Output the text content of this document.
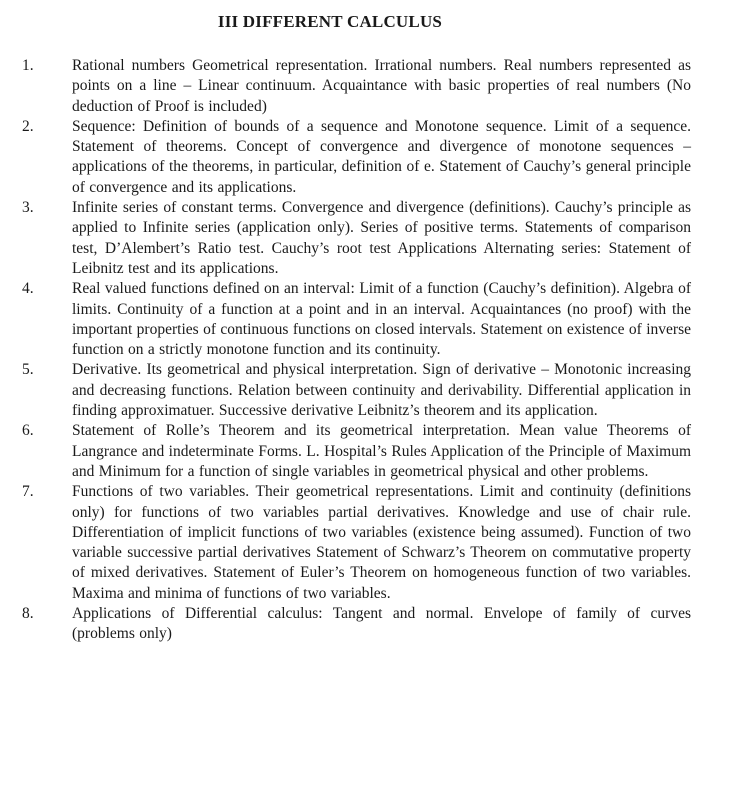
III DIFFERENT CALCULUS
1. Rational numbers Geometrical representation. Irrational numbers. Real numbers represented as points on a line – Linear continuum. Acquaintance with basic properties of real numbers (No deduction of Proof is included)
2. Sequence: Definition of bounds of a sequence and Monotone sequence. Limit of a sequence. Statement of theorems. Concept of convergence and divergence of monotone sequences – applications of the theorems, in particular, definition of e. Statement of Cauchy’s general principle of convergence and its applications.
3. Infinite series of constant terms. Convergence and divergence (definitions). Cauchy’s principle as applied to Infinite series (application only). Series of positive terms. Statements of comparison test, D’Alembert’s Ratio test. Cauchy’s root test Applications Alternating series: Statement of Leibnitz test and its applications.
4. Real valued functions defined on an interval: Limit of a function (Cauchy’s definition). Algebra of limits. Continuity of a function at a point and in an interval. Acquaintances (no proof) with the important properties of continuous functions on closed intervals. Statement on existence of inverse function on a strictly monotone function and its continuity.
5. Derivative. Its geometrical and physical interpretation. Sign of derivative – Monotonic increasing and decreasing functions. Relation between continuity and derivability. Differential application in finding approximatuer. Successive derivative Leibnitz’s theorem and its application.
6. Statement of Rolle’s Theorem and its geometrical interpretation. Mean value Theorems of Langrance and indeterminate Forms. L. Hospital’s Rules Application of the Principle of Maximum and Minimum for a function of single variables in geometrical physical and other problems.
7. Functions of two variables. Their geometrical representations. Limit and continuity (definitions only) for functions of two variables partial derivatives. Knowledge and use of chair rule. Differentiation of implicit functions of two variables (existence being assumed). Function of two variable successive partial derivatives Statement of Schwarz’s Theorem on commutative property of mixed derivatives. Statement of Euler’s Theorem on homogeneous function of two variables. Maxima and minima of functions of two variables.
8. Applications of Differential calculus: Tangent and normal. Envelope of family of curves (problems only)
